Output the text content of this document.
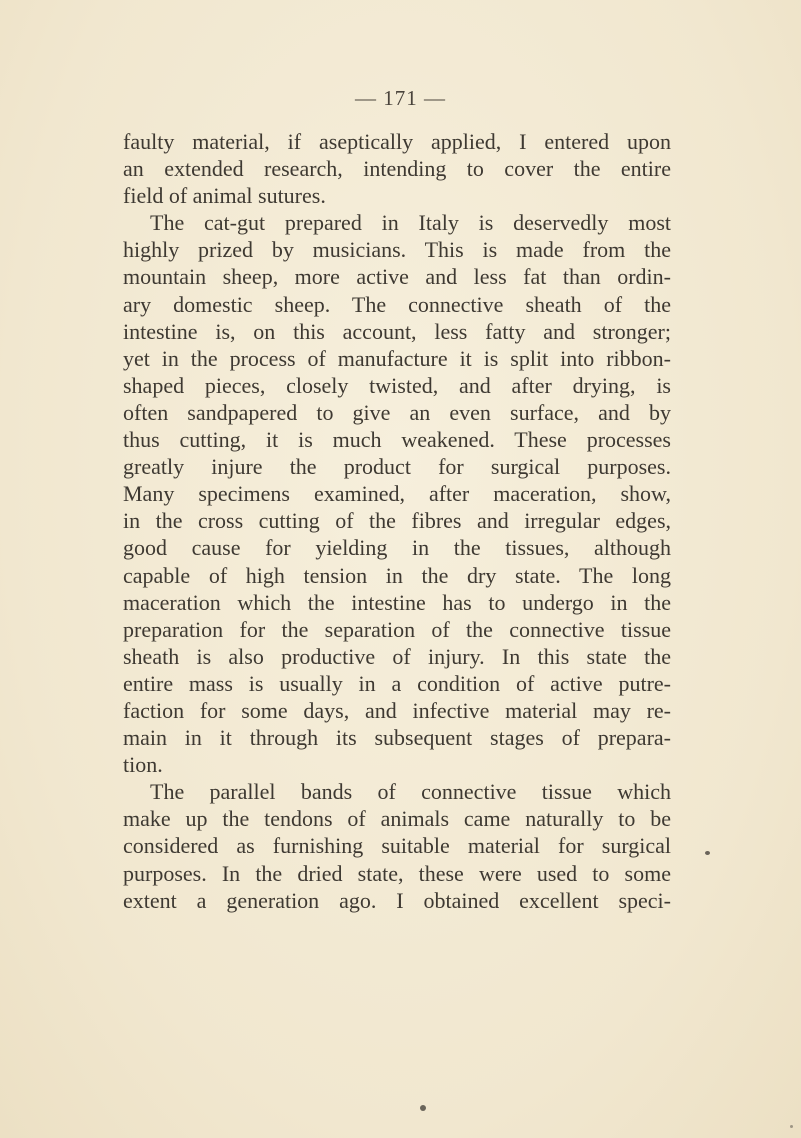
— 171 —
faulty material, if aseptically applied, I entered upon
an extended research, intending to cover the entire
field of animal sutures.
The cat-gut prepared in Italy is deservedly most
highly prized by musicians. This is made from the
mountain sheep, more active and less fat than ordin-
ary domestic sheep. The connective sheath of the
intestine is, on this account, less fatty and stronger;
yet in the process of manufacture it is split into ribbon-
shaped pieces, closely twisted, and after drying, is
often sandpapered to give an even surface, and by
thus cutting, it is much weakened. These processes
greatly injure the product for surgical purposes.
Many specimens examined, after maceration, show,
in the cross cutting of the fibres and irregular edges,
good cause for yielding in the tissues, although
capable of high tension in the dry state. The long
maceration which the intestine has to undergo in the
preparation for the separation of the connective tissue
sheath is also productive of injury. In this state the
entire mass is usually in a condition of active putre-
faction for some days, and infective material may re-
main in it through its subsequent stages of prepara-
tion.
The parallel bands of connective tissue which
make up the tendons of animals came naturally to be
considered as furnishing suitable material for surgical
purposes. In the dried state, these were used to some
extent a generation ago. I obtained excellent speci-
